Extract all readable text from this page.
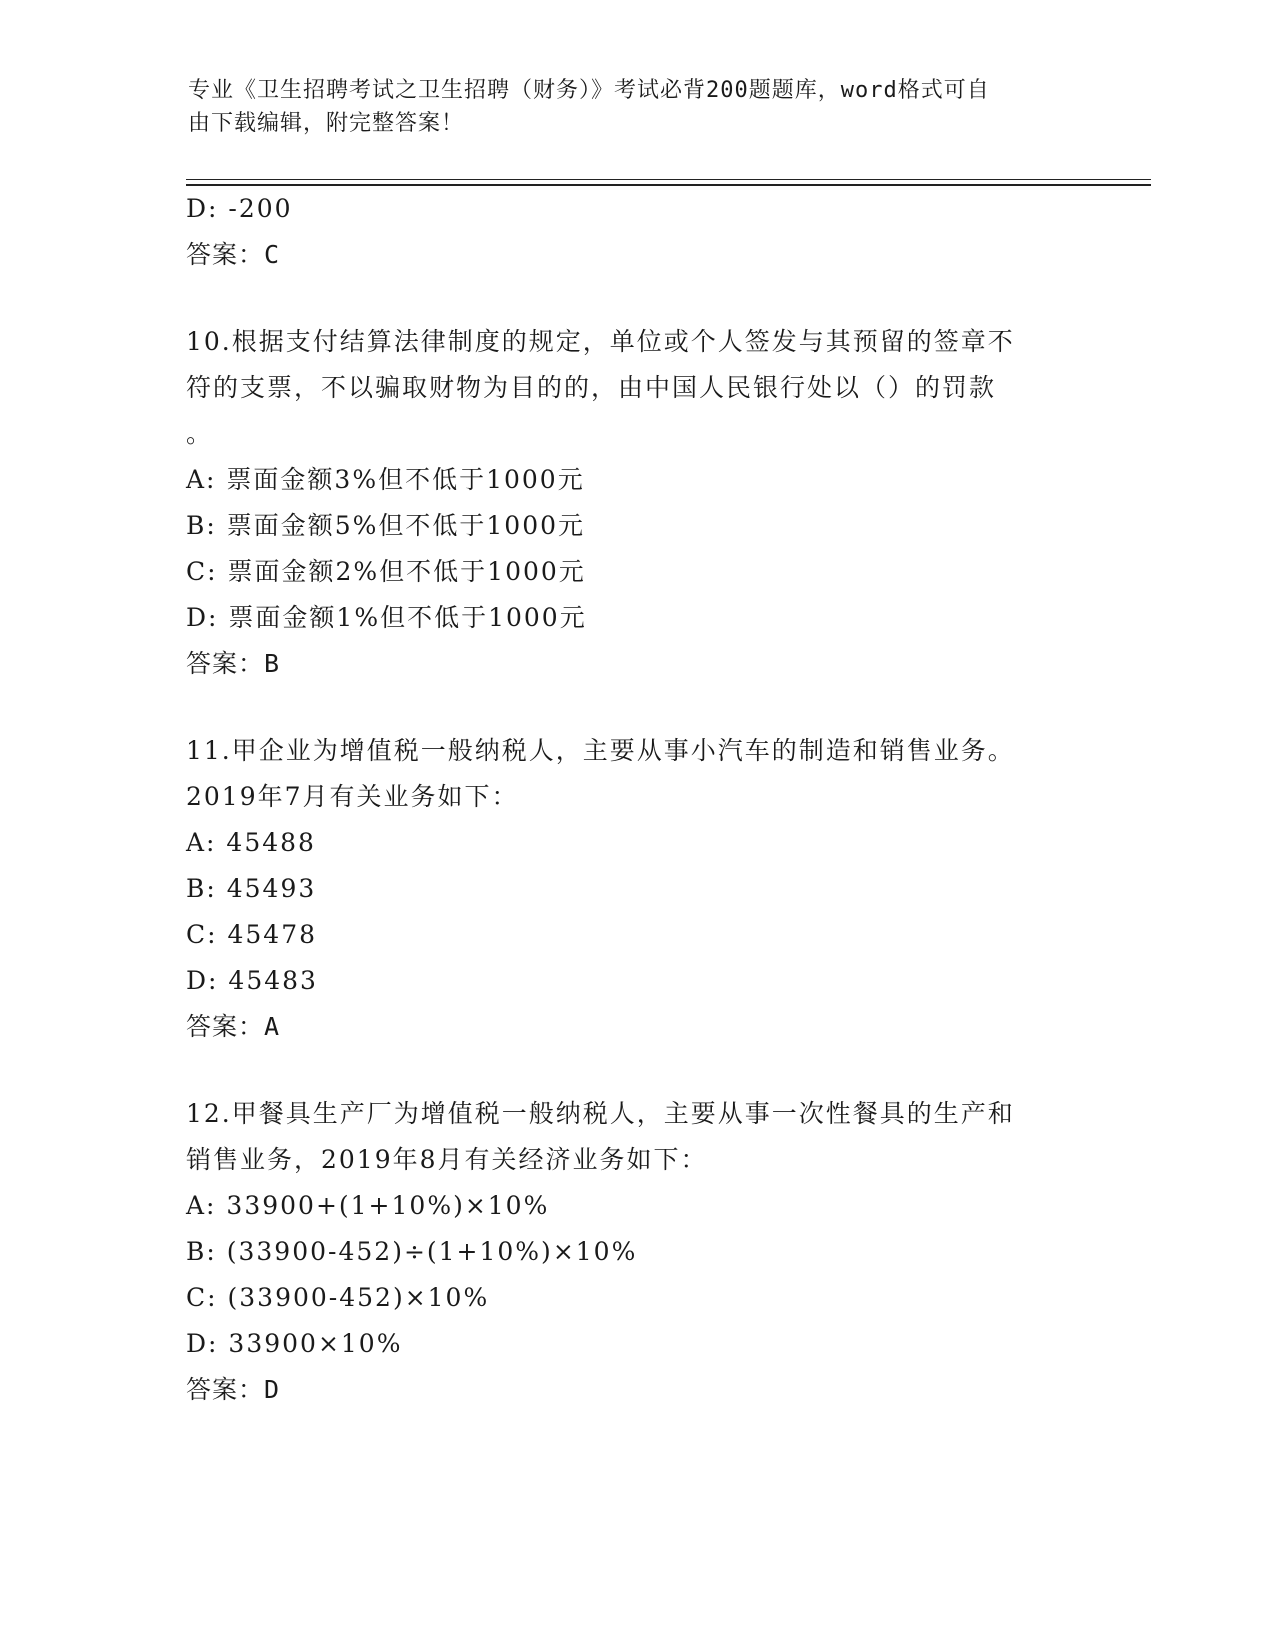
专业《卫生招聘考试之卫生招聘（财务）》考试必背200题题库，word格式可自
由下载编辑，附完整答案！
D: -200
答案：C
10.根据支付结算法律制度的规定，单位或个人签发与其预留的签章不
符的支票，不以骗取财物为目的的，由中国人民银行处以（）的罚款
。
A: 票面金额3%但不低于1000元
B: 票面金额5%但不低于1000元
C: 票面金额2%但不低于1000元
D: 票面金额1%但不低于1000元
答案：B
11.甲企业为增值税一般纳税人，主要从事小汽车的制造和销售业务。
2019年7月有关业务如下：
A: 45488
B: 45493
C: 45478
D: 45483
答案：A
12.甲餐具生产厂为增值税一般纳税人，主要从事一次性餐具的生产和
销售业务，2019年8月有关经济业务如下：
A: 33900+(1+10%)×10%
B: (33900-452)÷(1+10%)×10%
C: (33900-452)×10%
D: 33900×10%
答案：D
